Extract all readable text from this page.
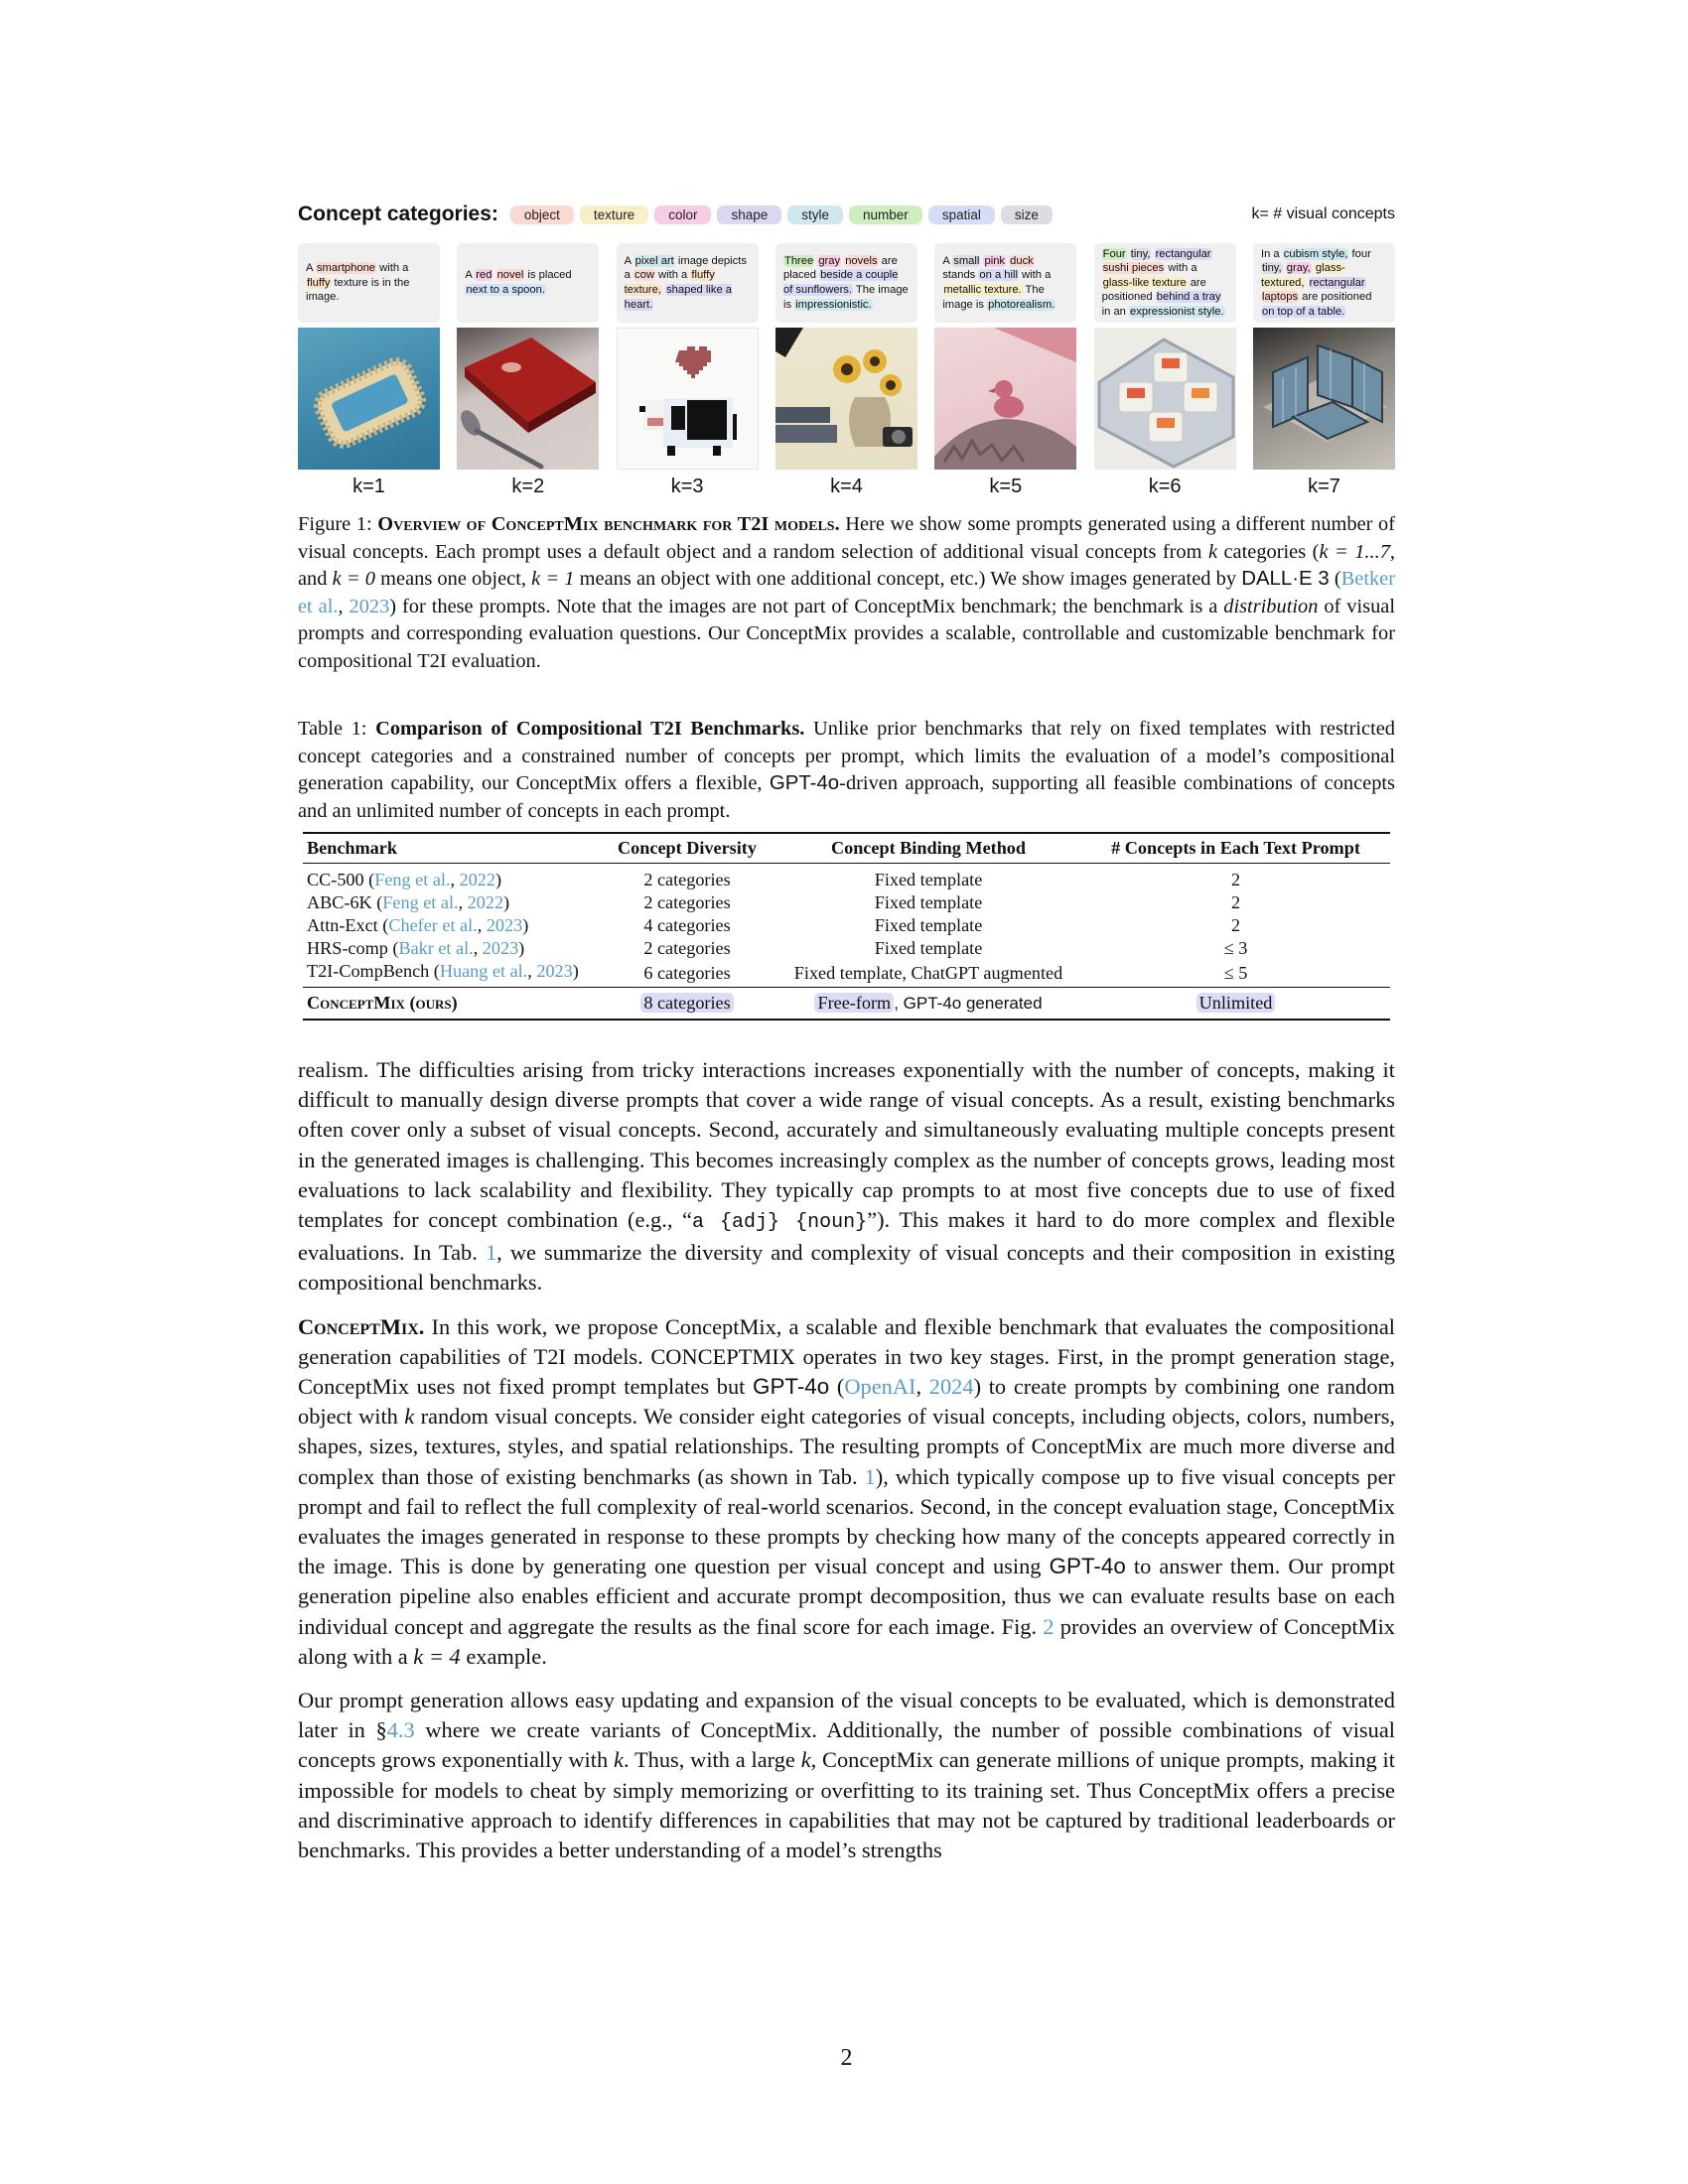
Concept categories:	object	texture	color	shape	style	number	spatial	size	k= # visual concepts
A smartphone with a fluffy texture is in the image.
k=1
A red novel is placed next to a spoon.
k=2
A pixel art image depicts a cow with a fluffy texture, shaped like a heart.
k=3
Three gray novels are placed beside a couple of sunflowers. The image is impressionistic.
k=4
A small pink duck stands on a hill with a metallic texture. The image is photorealism.
k=5
Four tiny, rectangular sushi pieces with a glass-like texture are positioned behind a tray in an expressionist style.
k=6
In a cubism style, four tiny, gray, glass-textured, rectangular laptops are positioned on top of a table.
k=7
Figure 1: Overview of ConceptMix benchmark for T2I models. Here we show some prompts generated using a different number of visual concepts. Each prompt uses a default object and a random selection of additional visual concepts from k categories (k = 1...7, and k = 0 means one object, k = 1 means an object with one additional concept, etc.) We show images generated by DALL·E 3 (Betker et al., 2023) for these prompts. Note that the images are not part of ConceptMix benchmark; the benchmark is a distribution of visual prompts and corresponding evaluation questions. Our ConceptMix provides a scalable, controllable and customizable benchmark for compositional T2I evaluation.
Table 1: Comparison of Compositional T2I Benchmarks. Unlike prior benchmarks that rely on fixed templates with restricted concept categories and a constrained number of concepts per prompt, which limits the evaluation of a model’s compositional generation capability, our ConceptMix offers a flexible, GPT-4o-driven approach, supporting all feasible combinations of concepts and an unlimited number of concepts in each prompt.
Benchmark	Concept Diversity	Concept Binding Method	# Concepts in Each Text Prompt
CC-500 (Feng et al., 2022)	2 categories	Fixed template	2
ABC-6K (Feng et al., 2022)	2 categories	Fixed template	2
Attn-Exct (Chefer et al., 2023)	4 categories	Fixed template	2
HRS-comp (Bakr et al., 2023)	2 categories	Fixed template	≤ 3
T2I-CompBench (Huang et al., 2023)	6 categories	Fixed template, ChatGPT augmented	≤ 5
ConceptMix (ours)	8 categories	Free-form , GPT-4o generated	Unlimited

realism. The difficulties arising from tricky interactions increases exponentially with the number of concepts, making it difficult to manually design diverse prompts that cover a wide range of visual concepts. As a result, existing benchmarks often cover only a subset of visual concepts. Second, accurately and simultaneously evaluating multiple concepts present in the generated images is challenging. This becomes increasingly complex as the number of concepts grows, leading most evaluations to lack scalability and flexibility. They typically cap prompts to at most five concepts due to use of fixed templates for concept combination (e.g., “a {adj} {noun}”). This makes it hard to do more complex and flexible evaluations. In Tab. 1, we summarize the diversity and complexity of visual concepts and their composition in existing compositional benchmarks.

ConceptMix. In this work, we propose ConceptMix, a scalable and flexible benchmark that evaluates the compositional generation capabilities of T2I models. CONCEPTMIX operates in two key stages. First, in the prompt generation stage, ConceptMix uses not fixed prompt templates but GPT-4o (OpenAI, 2024) to create prompts by combining one random object with k random visual concepts. We consider eight categories of visual concepts, including objects, colors, numbers, shapes, sizes, textures, styles, and spatial relationships. The resulting prompts of ConceptMix are much more diverse and complex than those of existing benchmarks (as shown in Tab. 1), which typically compose up to five visual concepts per prompt and fail to reflect the full complexity of real-world scenarios. Second, in the concept evaluation stage, ConceptMix evaluates the images generated in response to these prompts by checking how many of the concepts appeared correctly in the image. This is done by generating one question per visual concept and using GPT-4o to answer them. Our prompt generation pipeline also enables efficient and accurate prompt decomposition, thus we can evaluate results base on each individual concept and aggregate the results as the final score for each image. Fig. 2 provides an overview of ConceptMix along with a k = 4 example.

Our prompt generation allows easy updating and expansion of the visual concepts to be evaluated, which is demonstrated later in §4.3 where we create variants of ConceptMix. Additionally, the number of possible combinations of visual concepts grows exponentially with k. Thus, with a large k, ConceptMix can generate millions of unique prompts, making it impossible for models to cheat by simply memorizing or overfitting to its training set. Thus ConceptMix offers a precise and discriminative approach to identify differences in capabilities that may not be captured by traditional leaderboards or benchmarks. This provides a better understanding of a model’s strengths

2
